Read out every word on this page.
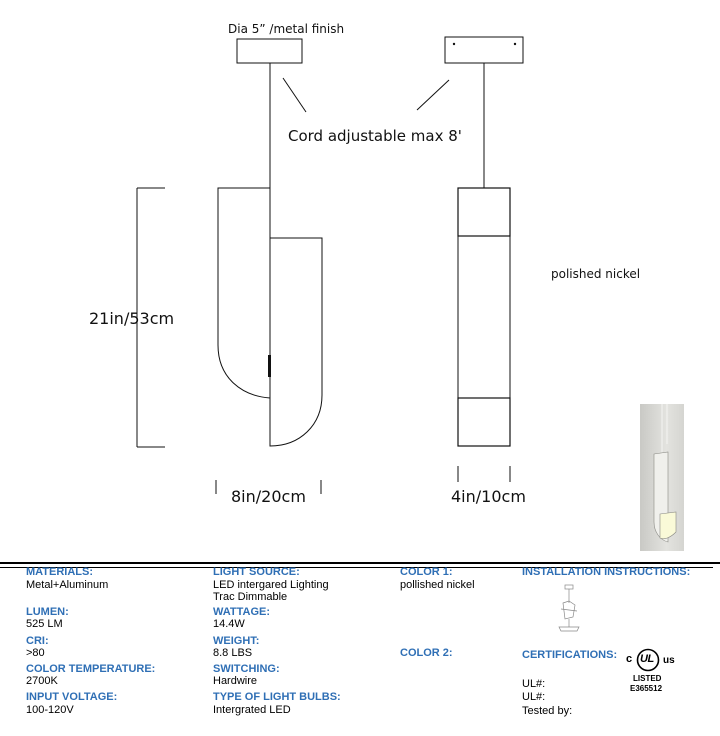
Dia 5” /metal finish
Cord adjustable max 8'
21in/53cm
8in/20cm	4in/10cm
polished nickel
MATERIALS:
Metal+Aluminum
LUMEN:
525 LM
CRI:
>80
COLOR TEMPERATURE:
2700K
INPUT VOLTAGE:
100-120V
LIGHT SOURCE:
LED intergared Lighting
Trac Dimmable
WATTAGE:
14.4W
WEIGHT:
8.8 LBS
SWITCHING:
Hardwire
TYPE OF LIGHT BULBS:
Intergrated LED
COLOR 1:
pollished nickel
COLOR 2:
INSTALLATION INSTRUCTIONS:
CERTIFICATIONS: c UL us
LISTED
E365512
UL#:
UL#:
Tested by:
